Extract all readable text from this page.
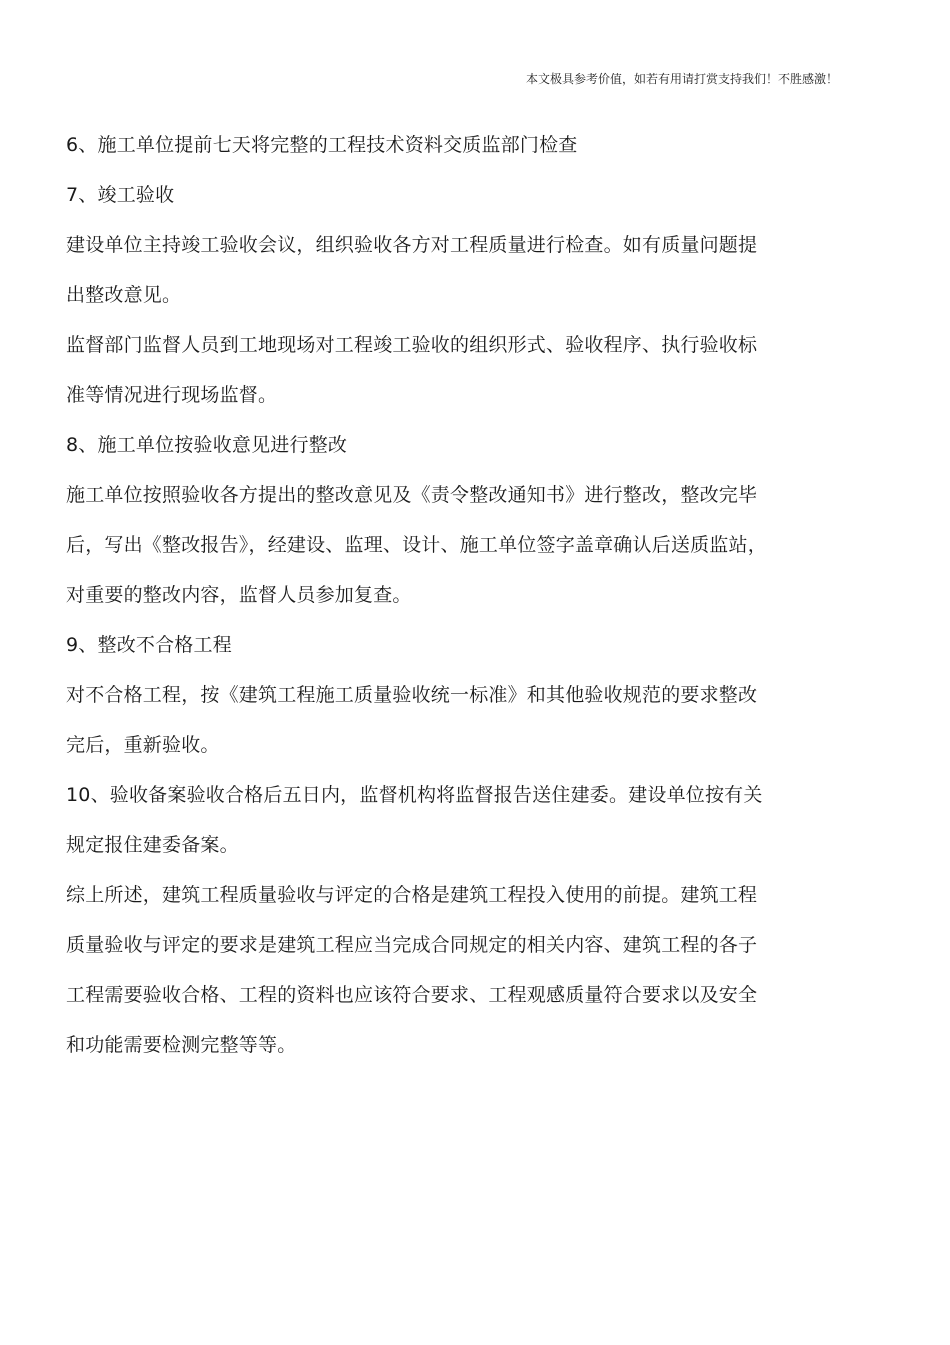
本文极具参考价值，如若有用请打赏支持我们！不胜感激！
6、施工单位提前七天将完整的工程技术资料交质监部门检查
7、竣工验收
建设单位主持竣工验收会议，组织验收各方对工程质量进行检查。如有质量问题提
出整改意见。
监督部门监督人员到工地现场对工程竣工验收的组织形式、验收程序、执行验收标
准等情况进行现场监督。
8、施工单位按验收意见进行整改
施工单位按照验收各方提出的整改意见及《责令整改通知书》进行整改，整改完毕
后，写出《整改报告》，经建设、监理、设计、施工单位签字盖章确认后送质监站，
对重要的整改内容，监督人员参加复查。
9、整改不合格工程
对不合格工程，按《建筑工程施工质量验收统一标准》和其他验收规范的要求整改
完后，重新验收。
10、验收备案验收合格后五日内，监督机构将监督报告送住建委。建设单位按有关
规定报住建委备案。
综上所述，建筑工程质量验收与评定的合格是建筑工程投入使用的前提。建筑工程
质量验收与评定的要求是建筑工程应当完成合同规定的相关内容、建筑工程的各子
工程需要验收合格、工程的资料也应该符合要求、工程观感质量符合要求以及安全
和功能需要检测完整等等。
